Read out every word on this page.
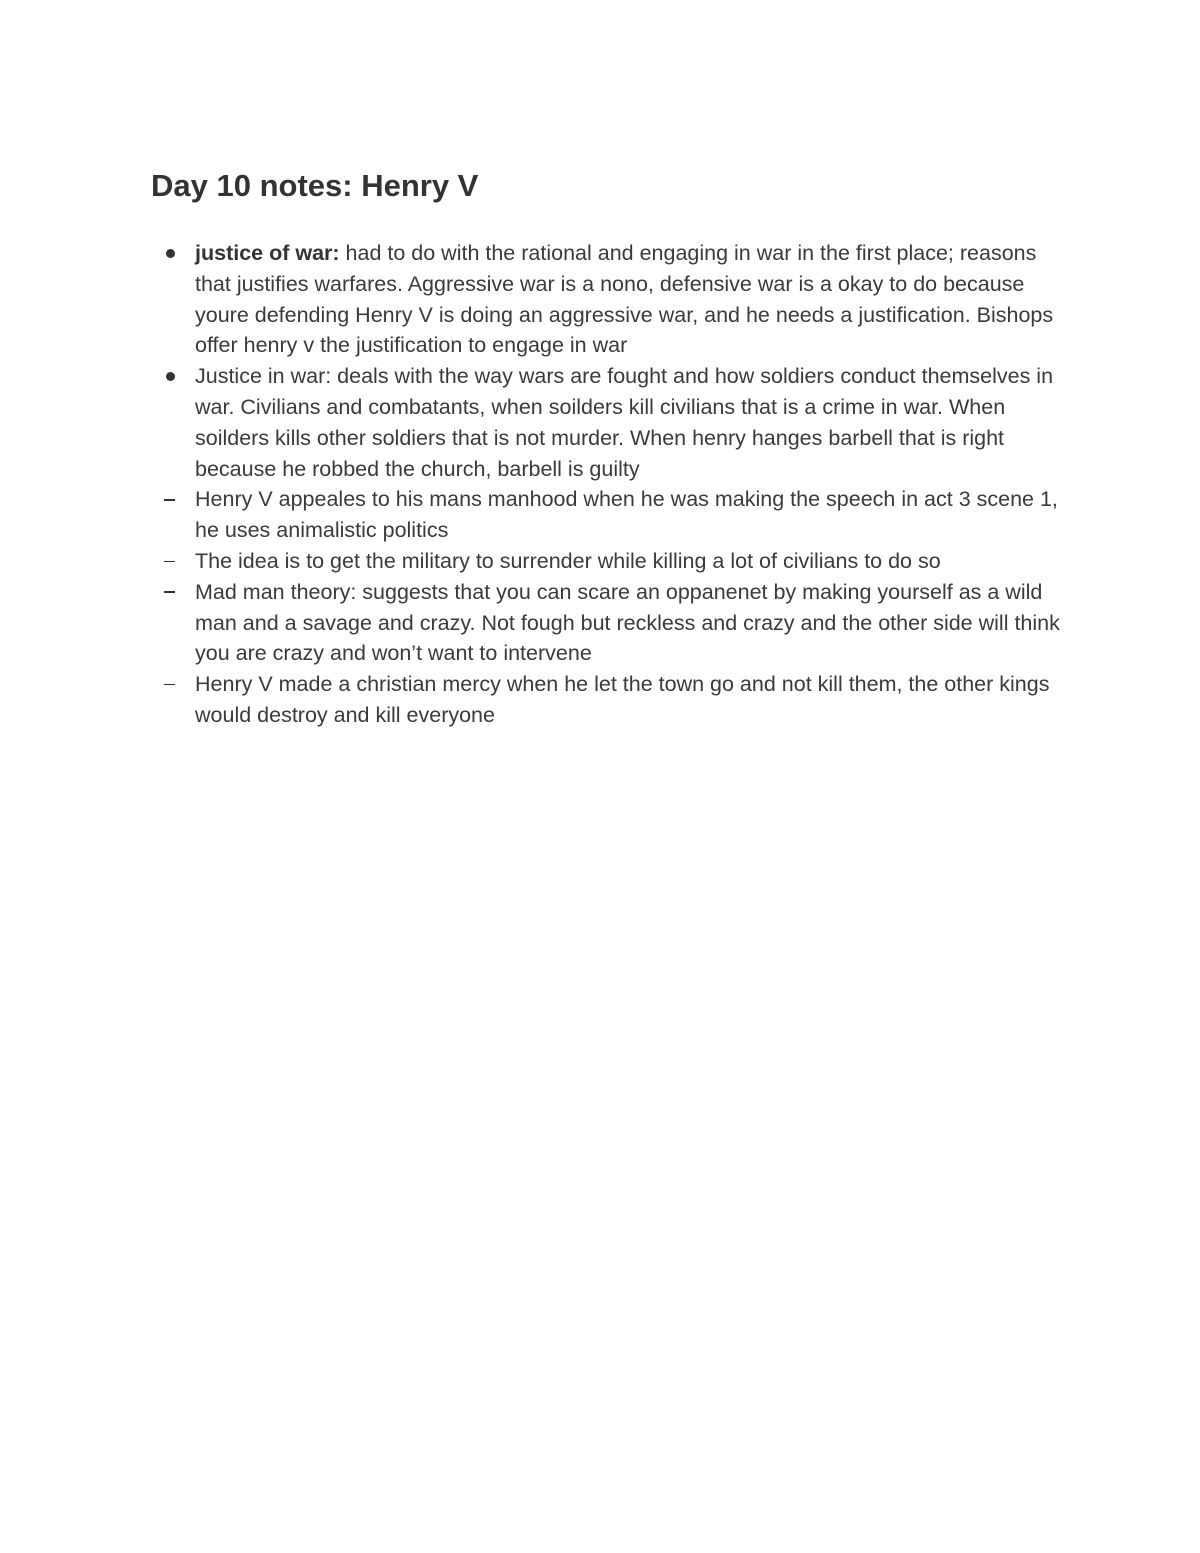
Day 10 notes: Henry V
justice of war: had to do with the rational and engaging in war in the first place; reasons that justifies warfares. Aggressive war is a nono, defensive war is a okay to do because youre defending Henry V is doing an aggressive war, and he needs a justification. Bishops offer henry v the justification to engage in war
Justice in war: deals with the way wars are fought and how soldiers conduct themselves in war. Civilians and combatants, when soilders kill civilians that is a crime in war. When soilders kills other soldiers that is not murder. When henry hanges barbell that is right because he robbed the church, barbell is guilty
Henry V appeales to his mans manhood when he was making the speech in act 3 scene 1, he uses animalistic politics
The idea is to get the military to surrender while killing a lot of civilians to do so
Mad man theory: suggests that you can scare an oppanenet by making yourself as a wild man and a savage and crazy. Not fough but reckless and crazy and the other side will think you are crazy and won’t want to intervene
Henry V made a christian mercy when he let the town go and not kill them, the other kings would destroy and kill everyone
